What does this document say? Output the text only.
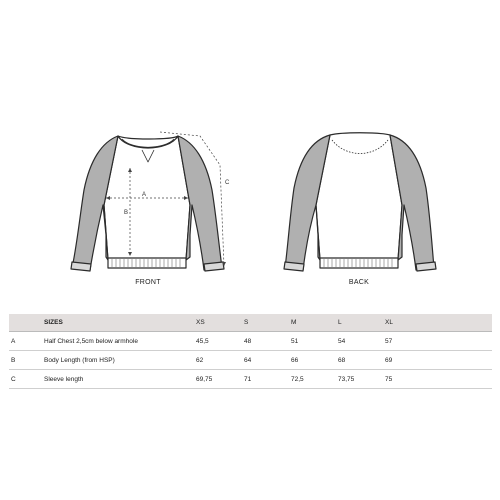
A
B
C
FRONT	BACK
	SIZES	XS	S	M	L	XL
A	Half Chest 2,5cm below armhole	45,5	48	51	54	57
B	Body Length (from HSP)	62	64	66	68	69
C	Sleeve length	69,75	71	72,5	73,75	75
